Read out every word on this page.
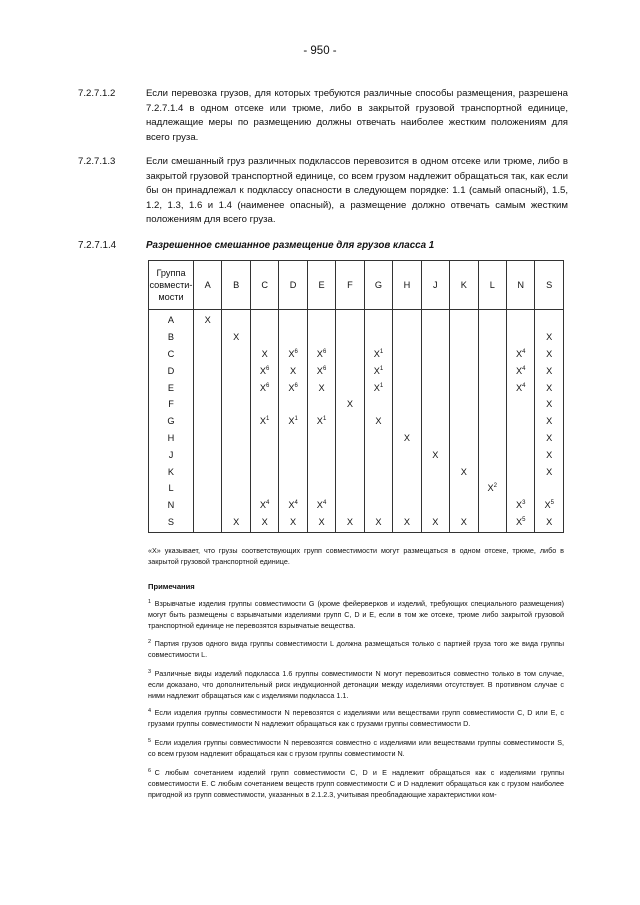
- 950 -
7.2.7.1.2	Если перевозка грузов, для которых требуются различные способы размещения, разрешена 7.2.7.1.4 в одном отсеке или трюме, либо в закрытой грузовой транспортной единице, надлежащие меры по размещению должны отвечать наиболее жестким положениям для всего груза.
7.2.7.1.3	Если смешанный груз различных подклассов перевозится в одном отсеке или трюме, либо в закрытой грузовой транспортной единице, со всем грузом надлежит обращаться так, как если бы он принадлежал к подклассу опасности в следующем порядке: 1.1 (самый опасный), 1.5, 1.2, 1.3, 1.6 и 1.4 (наименее опасный), а размещение должно отвечать самым жестким положениям для всего груза.
7.2.7.1.4	Разрешенное смешанное размещение для грузов класса 1
Группа
совмести-
мости	A	B	C	D	E	F	G	H	J	K	L	N	S
A	X												
B		X											X
C			X	$X^6$	$X^6$		$X^1$					$X^4$	X
D			$X^6$	X	$X^6$		$X^1$					$X^4$	X
E			$X^6$	$X^6$	X		$X^1$					$X^4$	X
F						X							X
G			$X^1$	$X^1$	$X^1$		X						X
H								X					X
J									X				X
K										X			X
L											$X^2$		
N			$X^4$	$X^4$	$X^4$							$X^3$	$X^5$
S		X	X	X	X	X	X	X	X	X		$X^5$	X
«X» указывает, что грузы соответствующих групп совместимости могут размещаться в одном отсеке, трюме, либо в закрытой грузовой транспортной единице.
Примечания
$^1$  Взрывчатые изделия группы совместимости G (кроме фейерверков и изделий, требующих специального размещения) могут быть размещены с взрывчатыми изделиями групп C, D и E, если в том же отсеке, трюме либо закрытой грузовой транспортной единице не перевозятся взрывчатые вещества.
$^2$  Партия грузов одного вида группы совместимости L должна размещаться только с партией груза того же вида группы совместимости L.
$^3$  Различные виды изделий подкласса 1.6 группы совместимости N могут перевозиться совместно только в том случае, если доказано, что дополнительный риск индукционной детонации между изделиями отсутствует. В противном случае с ними надлежит обращаться как с изделиями подкласса 1.1.
$^4$  Если изделия группы совместимости N перевозятся с изделиями или веществами групп совместимости C, D или E, с грузами группы совместимости N надлежит обращаться как с грузами группы совместимости D.
$^5$  Если изделия группы совместимости N перевозятся совместно с изделиями или веществами группы совместимости S, со всем грузом надлежит обращаться как с грузом группы совместимости N.
$^6$  С любым сочетанием изделий групп совместимости C, D и E надлежит обращаться как с изделиями группы совместимости E. С любым сочетанием веществ групп совместимости C и D надлежит обращаться как с грузом наиболее пригодной из групп совместимости, указанных в 2.1.2.3, учитывая преобладающие характеристики ком-
